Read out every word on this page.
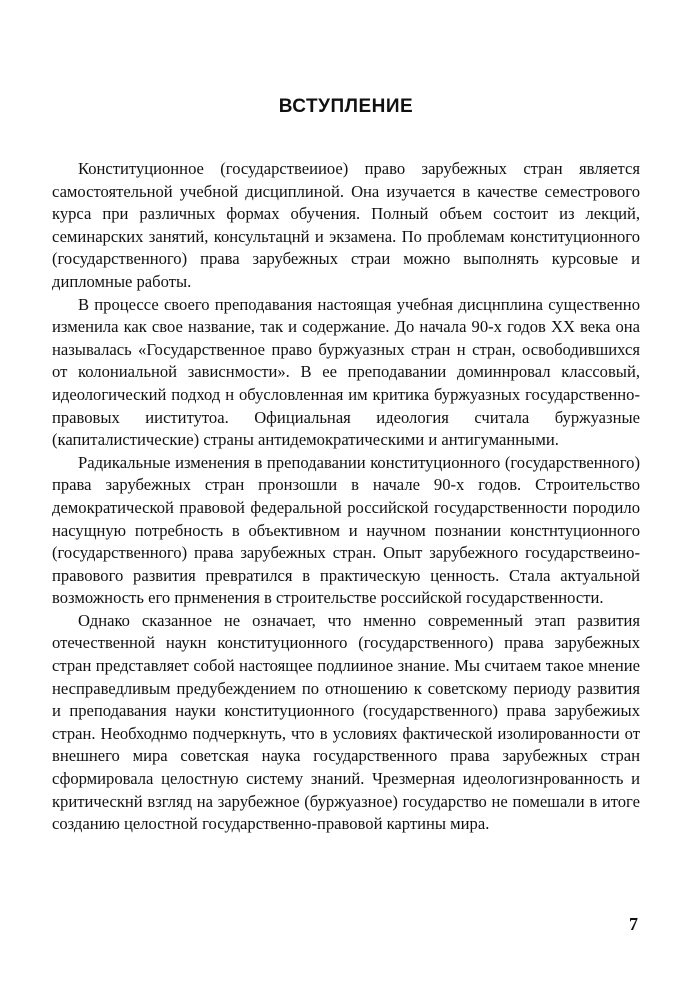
ВСТУПЛЕНИЕ

Конституционное (государствеииое) право зарубежных стран является самостоятельной учебной дисциплиной. Она изучается в качестве семестрового курса при различных формах обучения. Полный объем состоит из лекций, семинарских занятий, консультацнй и экзамена. По проблемам конституционного (государственного) права зарубежных страи можно выполнять курсовые и дипломные работы.

В процессе своего преподавания настоящая учебная дисцнплина существенно изменила как свое название, так и содержание. До начала 90-х годов XX века она называлась «Государственное право буржуазных стран н стран, освободившихся от колониальной зависнмости». В ее преподавании доминнровал классовый, идеологический подход н обусловленная им критика буржуазных государственно-правовых ииститутоа. Официальная идеология считала буржуазные (капиталистические) страны антидемократическими и антигуманными.

Радикальные изменения в преподавании конституционного (государственного) права зарубежных стран пронзошли в начале 90-х годов. Строительство демократической правовой федеральной российской государственности породило насущную потребность в объективном и научном познании констнтуционного (государственного) права зарубежных стран. Опыт зарубежного государствеино-правового развития превратился в практическую ценность. Стала актуальной возможность его прнменения в строительстве российской государственности.

Однако сказанное не означает, что нменно современный этап развития отечественной наукн конституционного (государственного) права зарубежных стран представляет собой настоящее подлииное знание. Мы считаем такое мнение несправедливым предубеждением по отношению к советскому периоду развития и преподавания науки конституционного (государственного) права зарубежиых стран. Необходнмо подчеркнуть, что в условиях фактической изолированности от внешнего мира советская наука государственного права зарубежных стран сформировала целостную систему знаний. Чрезмерная идеологизнрованность и критическнй взгляд на зарубежное (буржуазное) государство не помешали в итоге созданию целостной государственно-правовой картины мира.

7
